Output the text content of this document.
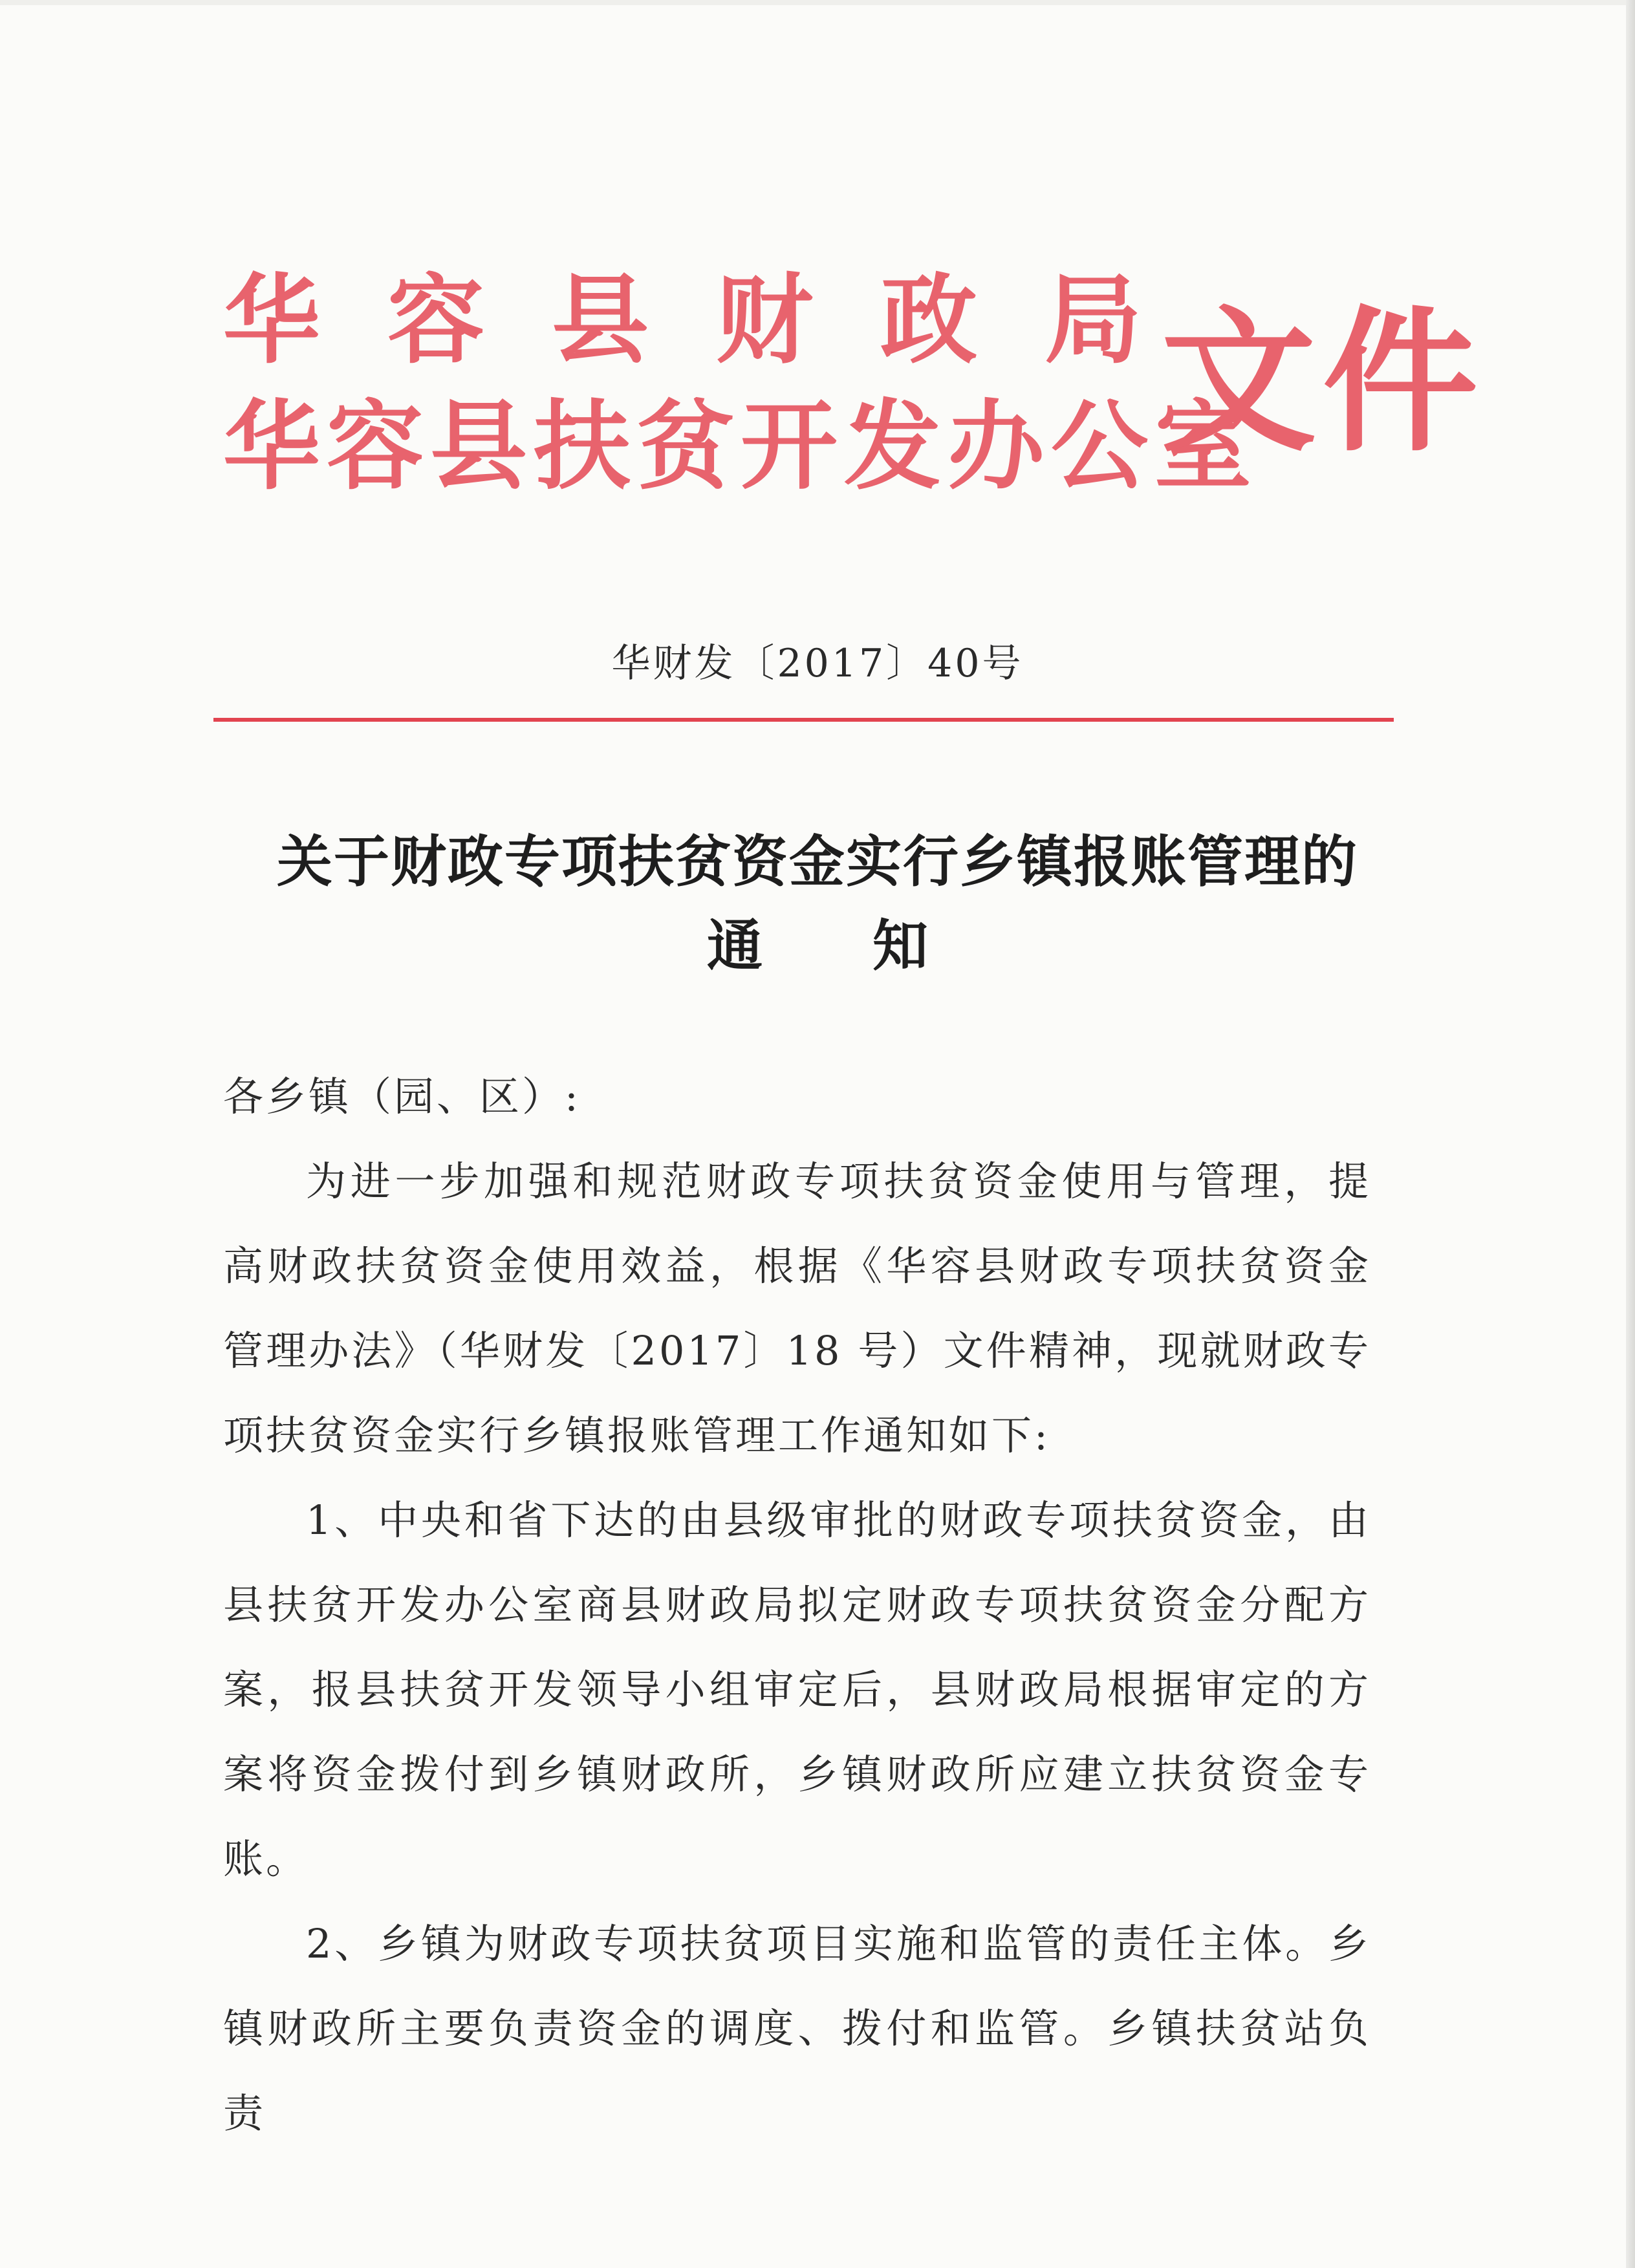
华容县财政局
华容县扶贫开发办公室
文件
华财发〔2017〕40号
关于财政专项扶贫资金实行乡镇报账管理的
通知

各乡镇（园、区）:

为进一步加强和规范财政专项扶贫资金使用与管理，提高财政扶贫资金使用效益，根据《华容县财政专项扶贫资金管理办法》（华财发〔2017〕18 号）文件精神，现就财政专项扶贫资金实行乡镇报账管理工作通知如下:

1、中央和省下达的由县级审批的财政专项扶贫资金，由县扶贫开发办公室商县财政局拟定财政专项扶贫资金分配方案，报县扶贫开发领导小组审定后，县财政局根据审定的方案将资金拨付到乡镇财政所，乡镇财政所应建立扶贫资金专账。

2、乡镇为财政专项扶贫项目实施和监管的责任主体。乡镇财政所主要负责资金的调度、拨付和监管。乡镇扶贫站负责
